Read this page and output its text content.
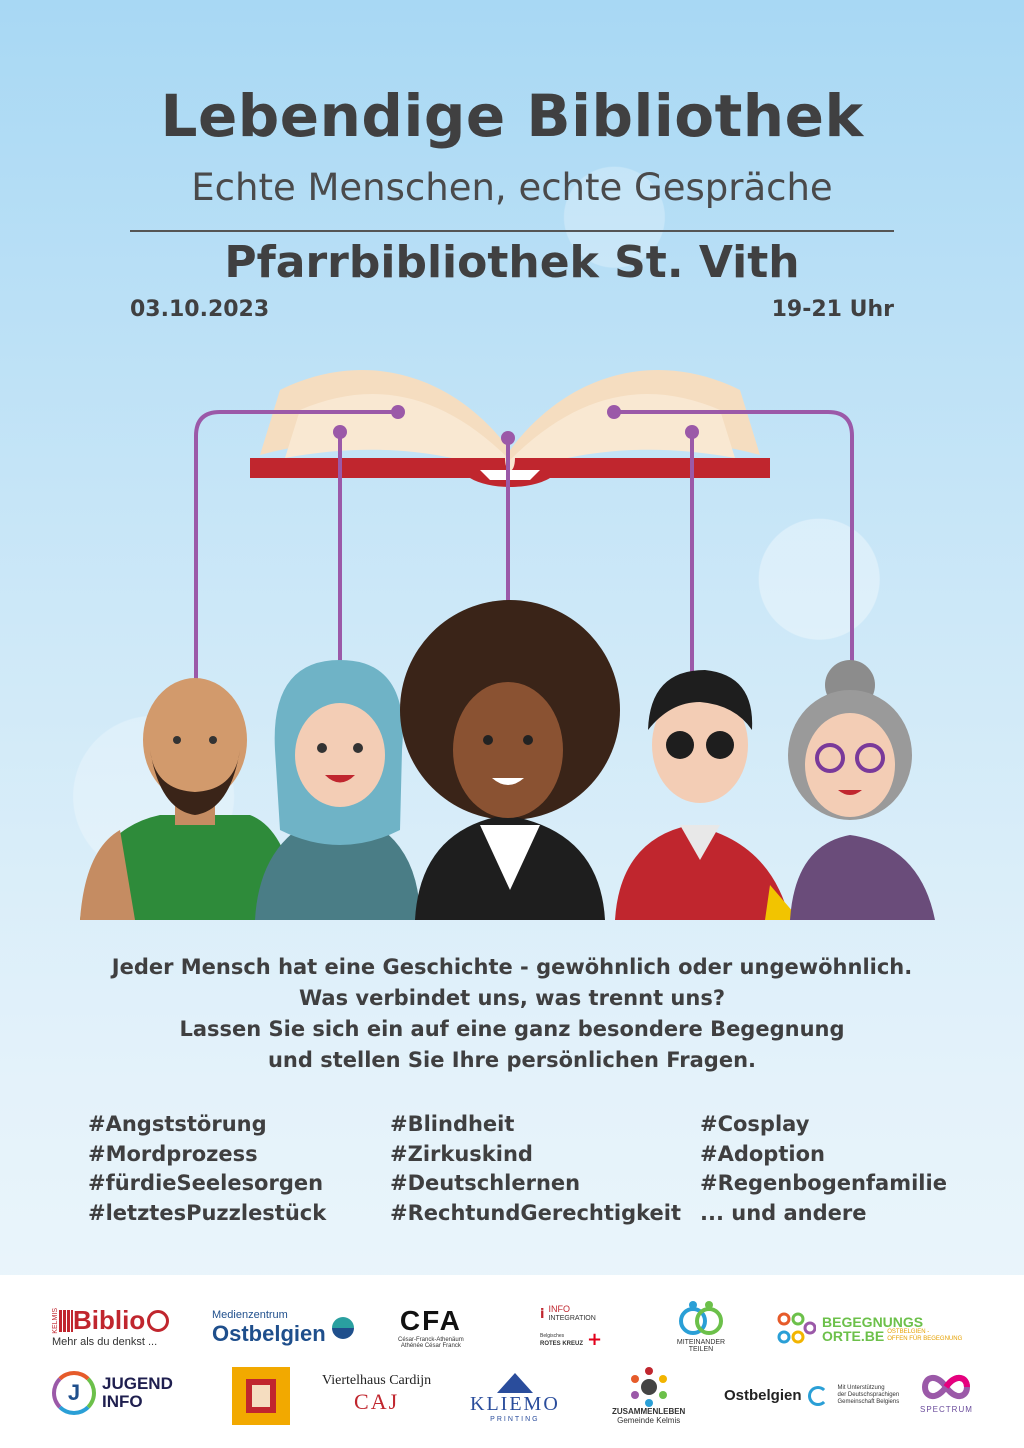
Lebendige Bibliothek
Echte Menschen, echte Gespräche
Pfarrbibliothek St. Vith
03.10.2023	19-21 Uhr
Jeder Mensch hat eine Geschichte - gewöhnlich oder ungewöhnlich.
Was verbindet uns, was trennt uns?
Lassen Sie sich ein auf eine ganz besondere Begegnung
und stellen Sie Ihre persönlichen Fragen.
#Angststörung
#Mordprozess
#fürdieSeelesorgen
#letztesPuzzlestück
#Blindheit
#Zirkuskind
#Deutschlernen
#RechtundGerechtigkeit
#Cosplay
#Adoption
#Regenbogenfamilie
... und andere
KELMIS Biblio
Mehr als du denkst ...
Medienzentrum
Ostbelgien	CFA
César-Franck-Athenäum
Athénée César Franck
i INFO
INTEGRATION
Belgisches
ROTES KREUZ +	MITEINANDER
TEILEN
BEGEGNUNGS
ORTE.BE OSTBELGIEN -
OFFEN FÜR BEGEGNUNG
J JUGEND
INFO
Viertelhaus Cardijn
CAJ	KLIEMO
PRINTING
ZUSAMMENLEBEN
Gemeinde Kelmis
Ostbelgien	Mit Unterstützung
der Deutschsprachigen
Gemeinschaft Belgiens
SPECTRUM
